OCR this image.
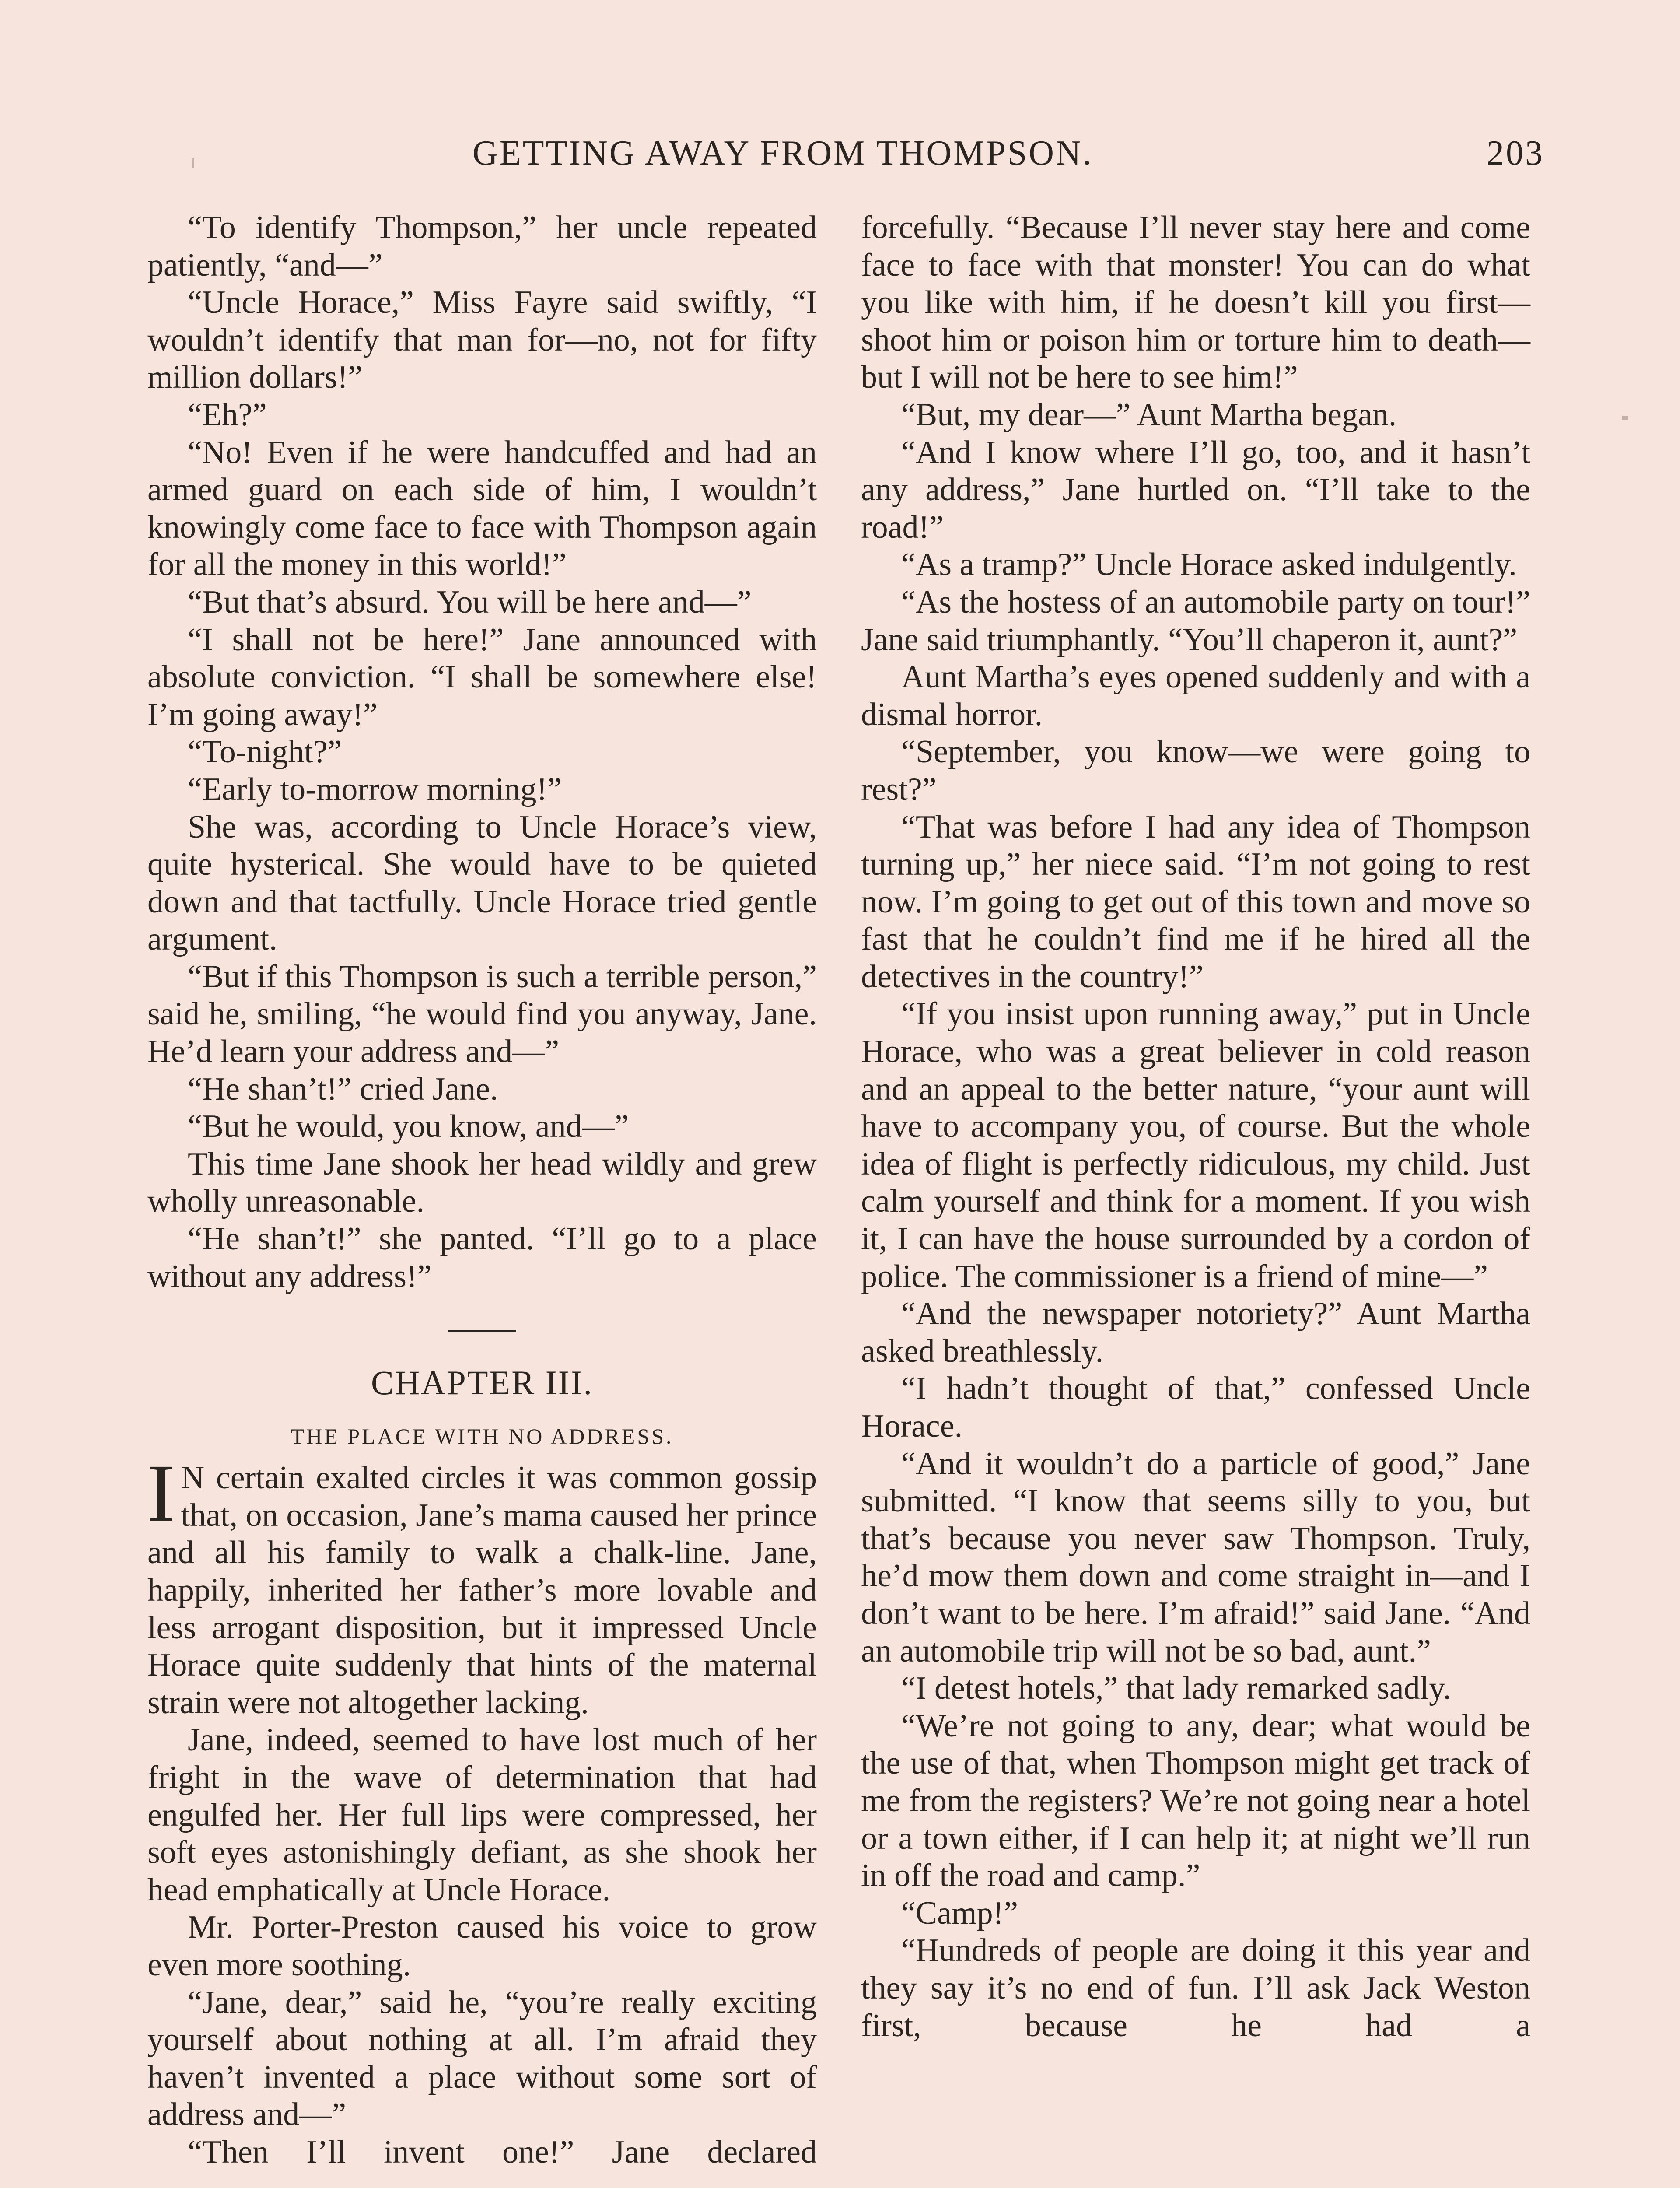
GETTING AWAY FROM THOMPSON.	203

“To identify Thompson,” her uncle repeated patiently, “and—”

“Uncle Horace,” Miss Fayre said swiftly, “I wouldn’t identify that man for—no, not for fifty million dollars!”

“Eh?”

“No! Even if he were handcuffed and had an armed guard on each side of him, I wouldn’t knowingly come face to face with Thompson again for all the money in this world!”

“But that’s absurd. You will be here and—”

“I shall not be here!” Jane announced with absolute conviction. “I shall be somewhere else! I’m going away!”

“To-night?”

“Early to-morrow morning!”

She was, according to Uncle Horace’s view, quite hysterical. She would have to be quieted down and that tactfully. Uncle Horace tried gentle argument.

“But if this Thompson is such a terrible person,” said he, smiling, “he would find you anyway, Jane. He’d learn your address and—”

“He shan’t!” cried Jane.

“But he would, you know, and—”

This time Jane shook her head wildly and grew wholly unreasonable.

“He shan’t!” she panted. “I’ll go to a place without any address!”

CHAPTER III.
THE PLACE WITH NO ADDRESS.

I N certain exalted circles it was common gossip that, on occasion, Jane’s mama caused her prince and all his family to walk a chalk-line. Jane, happily, inherited her father’s more lovable and less arrogant disposition, but it impressed Uncle Horace quite suddenly that hints of the maternal strain were not altogether lacking.

Jane, indeed, seemed to have lost much of her fright in the wave of determination that had engulfed her. Her full lips were compressed, her soft eyes astonishingly defiant, as she shook her head emphatically at Uncle Horace.

Mr. Porter-Preston caused his voice to grow even more soothing.

“Jane, dear,” said he, “you’re really exciting yourself about nothing at all. I’m afraid they haven’t invented a place without some sort of address and—”

“Then I’ll invent one!” Jane declared

forcefully. “Because I’ll never stay here and come face to face with that monster! You can do what you like with him, if he doesn’t kill you first—shoot him or poison him or torture him to death—but I will not be here to see him!”

“But, my dear—” Aunt Martha began.

“And I know where I’ll go, too, and it hasn’t any address,” Jane hurtled on. “I’ll take to the road!”

“As a tramp?” Uncle Horace asked indulgently.

“As the hostess of an automobile party on tour!” Jane said triumphantly. “You’ll chaperon it, aunt?”

Aunt Martha’s eyes opened suddenly and with a dismal horror.

“September, you know—we were going to rest?”

“That was before I had any idea of Thompson turning up,” her niece said. “I’m not going to rest now. I’m going to get out of this town and move so fast that he couldn’t find me if he hired all the detectives in the country!”

“If you insist upon running away,” put in Uncle Horace, who was a great believer in cold reason and an appeal to the better nature, “your aunt will have to accompany you, of course. But the whole idea of flight is perfectly ridiculous, my child. Just calm yourself and think for a moment. If you wish it, I can have the house surrounded by a cordon of police. The commissioner is a friend of mine—”

“And the newspaper notoriety?” Aunt Martha asked breathlessly.

“I hadn’t thought of that,” confessed Uncle Horace.

“And it wouldn’t do a particle of good,” Jane submitted. “I know that seems silly to you, but that’s because you never saw Thompson. Truly, he’d mow them down and come straight in—and I don’t want to be here. I’m afraid!” said Jane. “And an automobile trip will not be so bad, aunt.”

“I detest hotels,” that lady remarked sadly.

“We’re not going to any, dear; what would be the use of that, when Thompson might get track of me from the registers? We’re not going near a hotel or a town either, if I can help it; at night we’ll run in off the road and camp.”

“Camp!”

“Hundreds of people are doing it this year and they say it’s no end of fun. I’ll ask Jack Weston first, because he had a
